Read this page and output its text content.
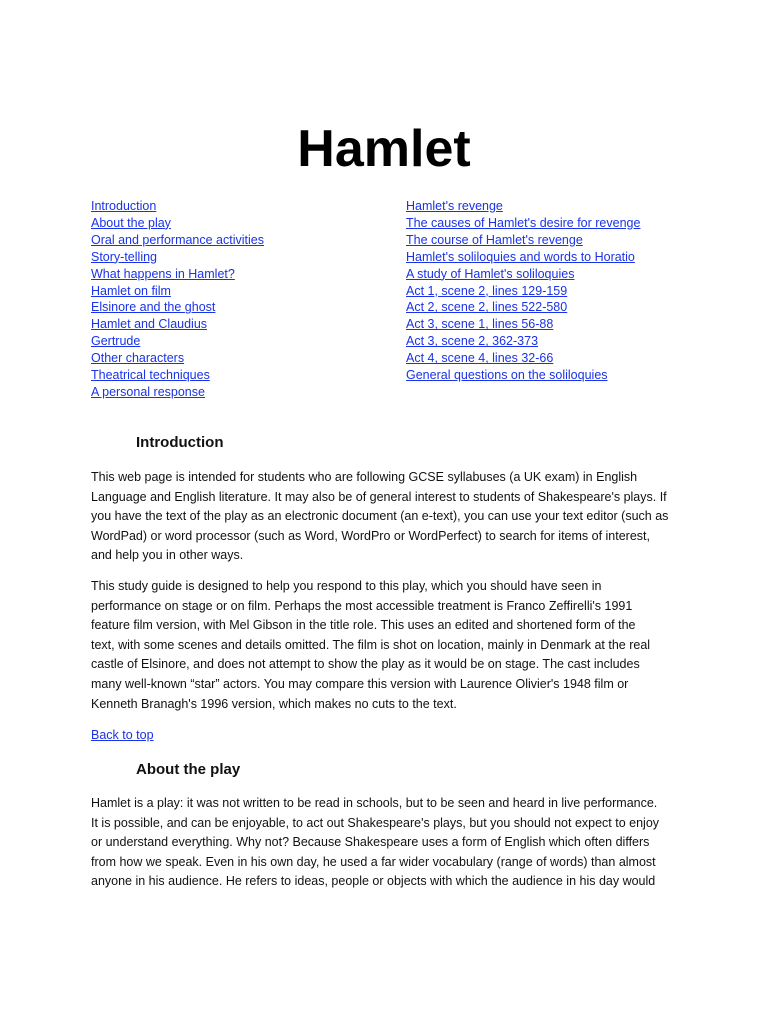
Hamlet
Introduction
About the play
Oral and performance activities
Story-telling
What happens in Hamlet?
Hamlet on film
Elsinore and the ghost
Hamlet and Claudius
Gertrude
Other characters
Theatrical techniques
A personal response
Hamlet's revenge
The causes of Hamlet's desire for revenge
The course of Hamlet's revenge
Hamlet's soliloquies and words to Horatio
A study of Hamlet's soliloquies
Act 1, scene 2, lines 129-159
Act 2, scene 2, lines 522-580
Act 3, scene 1, lines 56-88
Act 3, scene 2, 362-373
Act 4, scene 4, lines 32-66
General questions on the soliloquies
Introduction

This web page is intended for students who are following GCSE syllabuses (a UK exam) in English
Language and English literature. It may also be of general interest to students of Shakespeare's plays. If
you have the text of the play as an electronic document (an e-text), you can use your text editor (such as
WordPad) or word processor (such as Word, WordPro or WordPerfect) to search for items of interest,
and help you in other ways.

This study guide is designed to help you respond to this play, which you should have seen in
performance on stage or on film. Perhaps the most accessible treatment is Franco Zeffirelli's 1991
feature film version, with Mel Gibson in the title role. This uses an edited and shortened form of the
text, with some scenes and details omitted. The film is shot on location, mainly in Denmark at the real
castle of Elsinore, and does not attempt to show the play as it would be on stage. The cast includes
many well-known “star” actors. You may compare this version with Laurence Olivier's 1948 film or
Kenneth Branagh's 1996 version, which makes no cuts to the text.

Back to top
About the play

Hamlet is a play: it was not written to be read in schools, but to be seen and heard in live performance.
It is possible, and can be enjoyable, to act out Shakespeare's plays, but you should not expect to enjoy
or understand everything. Why not? Because Shakespeare uses a form of English which often differs
from how we speak. Even in his own day, he used a far wider vocabulary (range of words) than almost
anyone in his audience. He refers to ideas, people or objects with which the audience in his day would
